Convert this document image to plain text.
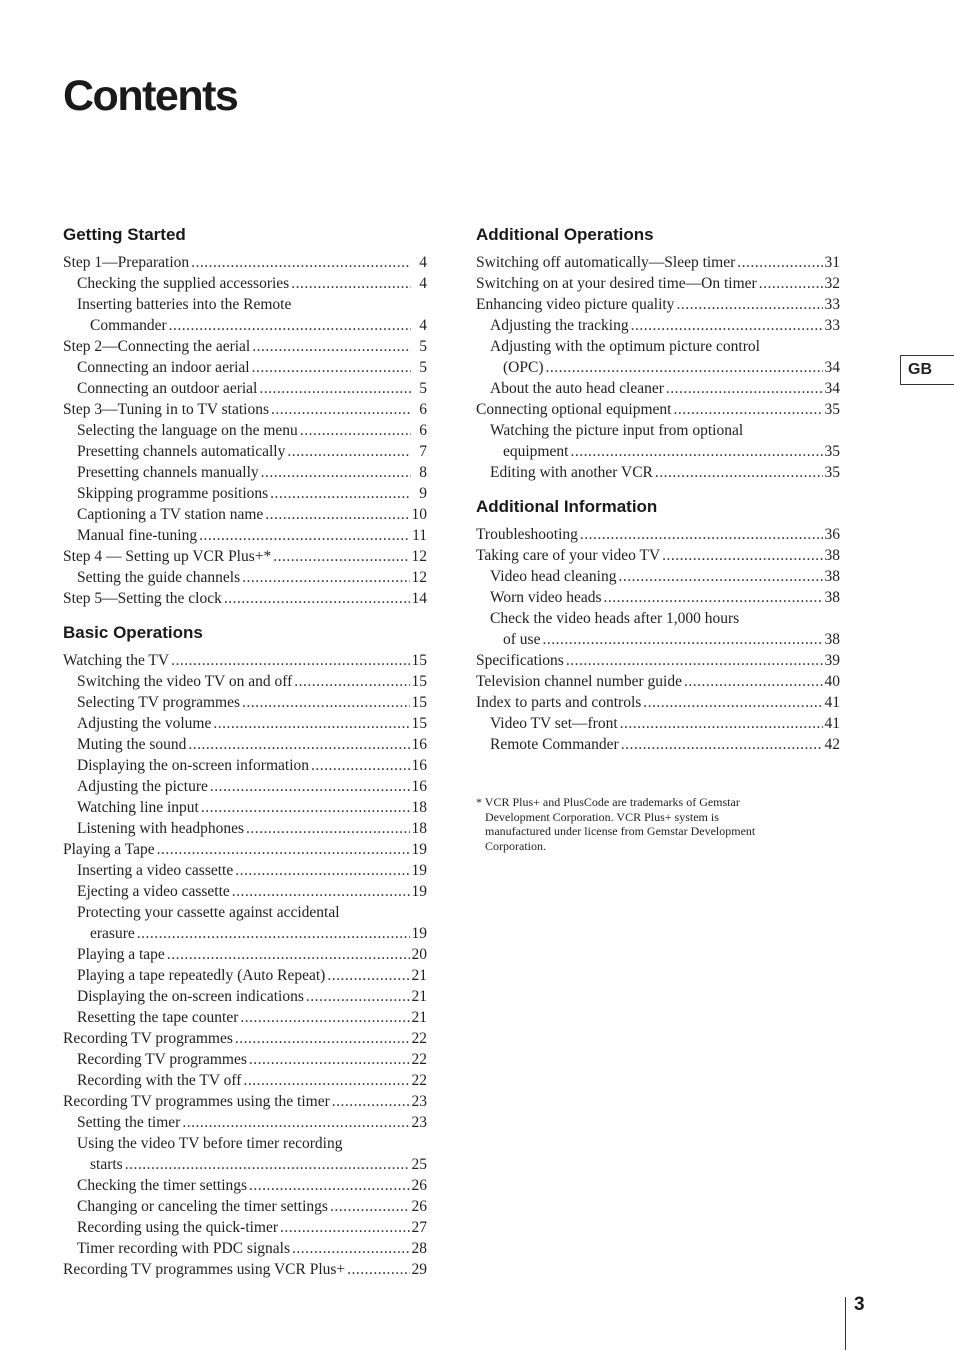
Contents
Getting Started
Step 1—Preparation .....	4
Checking the supplied accessories .....	4
Inserting batteries into the Remote
Commander .....	4
Step 2—Connecting the aerial .....	5
Connecting an indoor aerial .....	5
Connecting an outdoor aerial .....	5
Step 3—Tuning in to TV stations .....	6
Selecting the language on the menu .....	6
Presetting channels automatically .....	7
Presetting channels manually .....	8
Skipping programme positions .....	9
Captioning a TV station name .....	10
Manual fine-tuning .....	11
Step 4 — Setting up VCR Plus+* .....	12
Setting the guide channels .....	12
Step 5—Setting the clock .....	14
Basic Operations
Watching the TV .....	15
Switching the video TV on and off .....	15
Selecting TV programmes .....	15
Adjusting the volume .....	15
Muting the sound .....	16
Displaying the on-screen information .....	16
Adjusting the picture .....	16
Watching line input .....	18
Listening with headphones .....	18
Playing a Tape .....	19
Inserting a video cassette .....	19
Ejecting a video cassette .....	19
Protecting your cassette against accidental
erasure .....	19
Playing a tape .....	20
Playing a tape repeatedly (Auto Repeat) .....	21
Displaying the on-screen indications .....	21
Resetting the tape counter .....	21
Recording TV programmes .....	22
Recording TV programmes .....	22
Recording with the TV off .....	22
Recording TV programmes using the timer .....	23
Setting the timer .....	23
Using the video TV before timer recording
starts .....	25
Checking the timer settings .....	26
Changing or canceling the timer settings .....	26
Recording using the quick-timer .....	27
Timer recording with PDC signals .....	28
Recording TV programmes using VCR Plus+ .....	29
Additional Operations
Switching off automatically—Sleep timer .....	31
Switching on at your desired time—On timer .....	32
Enhancing video picture quality .....	33
Adjusting the tracking .....	33
Adjusting with the optimum picture control
(OPC) .....	34
About the auto head cleaner .....	34
Connecting optional equipment .....	35
Watching the picture input from optional
equipment .....	35
Editing with another VCR .....	35
Additional Information
Troubleshooting .....	36
Taking care of your video TV .....	38
Video head cleaning .....	38
Worn video heads .....	38
Check the video heads after 1,000 hours
of use .....	38
Specifications .....	39
Television channel number guide .....	40
Index to parts and controls .....	41
Video TV set—front .....	41
Remote Commander .....	42
* VCR Plus+ and PlusCode are trademarks of Gemstar
Development Corporation. VCR Plus+ system is
manufactured under license from Gemstar Development
Corporation.
GB
3
